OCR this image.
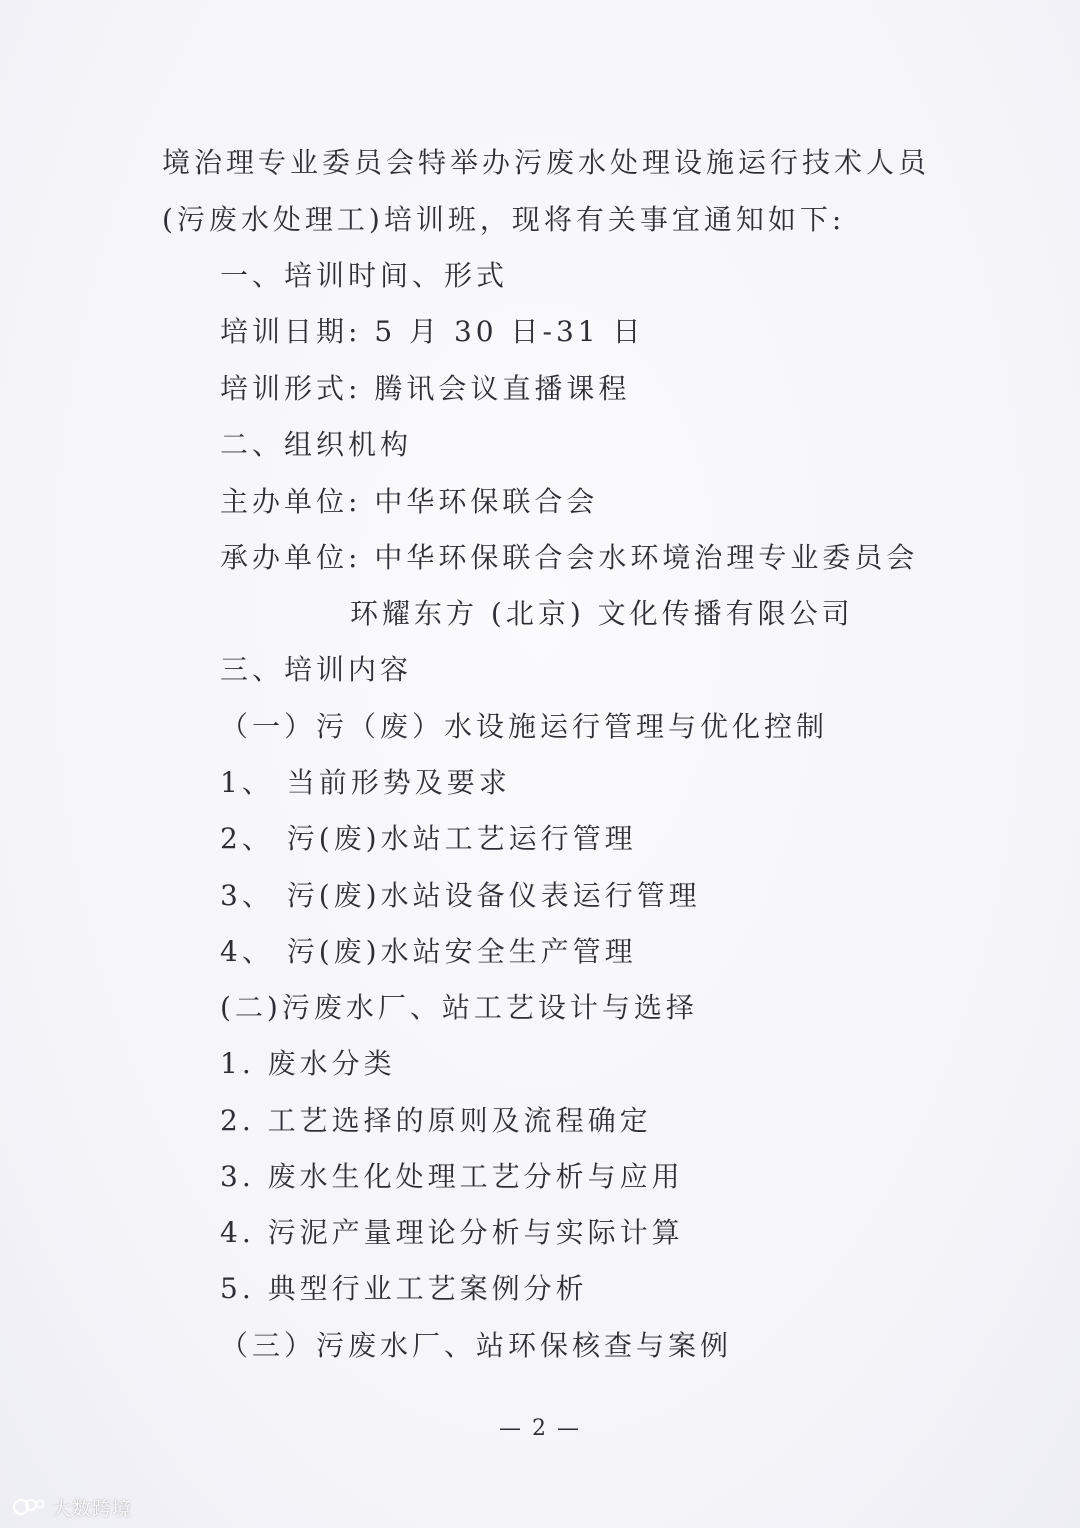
境治理专业委员会特举办污废水处理设施运行技术人员
(污废水处理工)培训班，现将有关事宜通知如下:
一、培训时间、形式
培训日期: 5 月 30 日-31 日
培训形式: 腾讯会议直播课程
二、组织机构
主办单位: 中华环保联合会
承办单位: 中华环保联合会水环境治理专业委员会
环耀东方 (北京) 文化传播有限公司
三、培训内容
（一）污（废）水设施运行管理与优化控制
1、 当前形势及要求
2、 污(废)水站工艺运行管理
3、 污(废)水站设备仪表运行管理
4、 污(废)水站安全生产管理
(二)污废水厂、站工艺设计与选择
1. 废水分类
2. 工艺选择的原则及流程确定
3. 废水生化处理工艺分析与应用
4. 污泥产量理论分析与实际计算
5. 典型行业工艺案例分析
（三）污废水厂、站环保核查与案例
— 2 —
大数跨境
